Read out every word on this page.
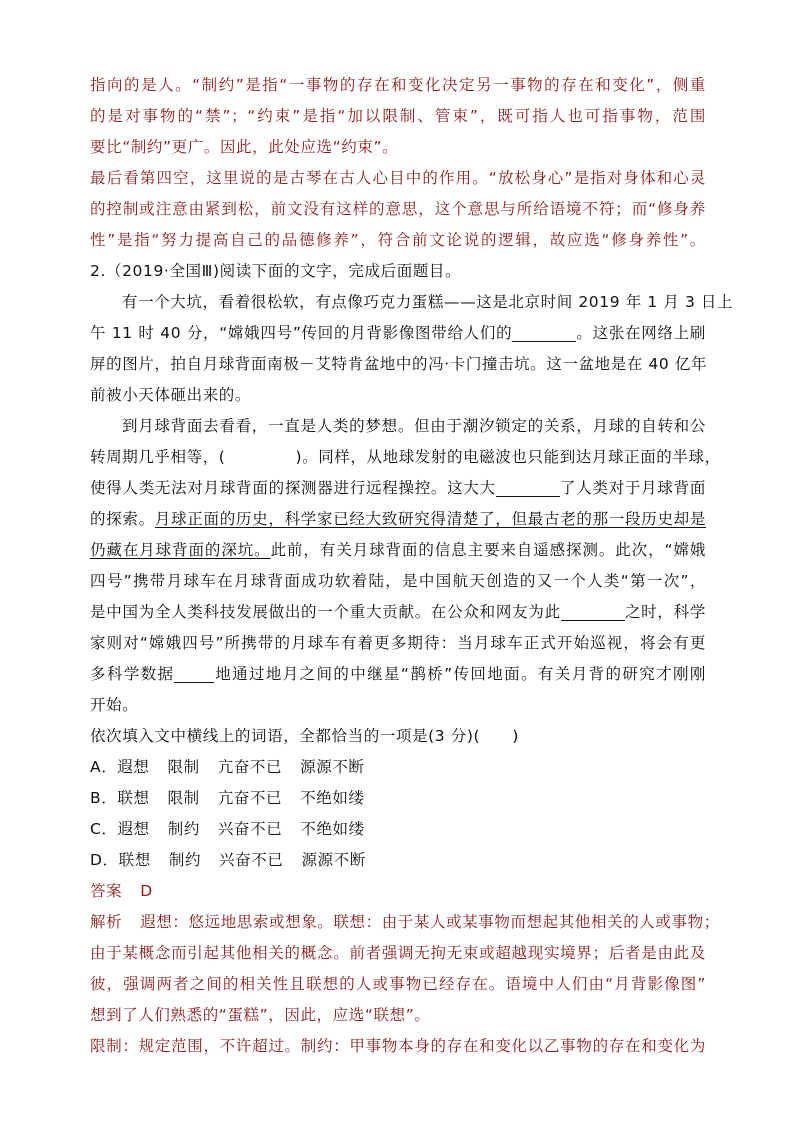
指向的是人。“制约”是指“一事物的存在和变化决定另一事物的存在和变化”，侧重
的是对事物的“禁”；“约束”是指“加以限制、管束”，既可指人也可指事物，范围
要比“制约”更广。因此，此处应选“约束”。
最后看第四空，这里说的是古琴在古人心目中的作用。“放松身心”是指对身体和心灵
的控制或注意由紧到松，前文没有这样的意思，这个意思与所给语境不符；而“修身养
性”是指“努力提高自己的品德修养”，符合前文论说的逻辑，故应选“修身养性”。
2.（2019·全国Ⅲ)阅读下面的文字，完成后面题目。
有一个大坑，看着很松软，有点像巧克力蛋糕——这是北京时间 2019 年 1 月 3 日上
午 11 时 40 分，“嫦娥四号”传回的月背影像图带给人们的	。这张在网络上刷
屏的图片，拍自月球背面南极－艾特肯盆地中的冯·卡门撞击坑。这一盆地是在 40 亿年
前被小天体砸出来的。
到月球背面去看看，一直是人类的梦想。但由于潮汐锁定的关系，月球的自转和公
转周期几乎相等，(	)。同样，从地球发射的电磁波也只能到达月球正面的半球，
使得人类无法对月球背面的探测器进行远程操控。这大大	了人类对于月球背面
的探索。月球正面的历史，科学家已经大致研究得清楚了，但最古老的那一段历史却是
仍藏在月球背面的深坑。此前，有关月球背面的信息主要来自遥感探测。此次，“嫦娥
四号”携带月球车在月球背面成功软着陆，是中国航天创造的又一个人类“第一次”，
是中国为全人类科技发展做出的一个重大贡献。在公众和网友为此	之时，科学
家则对“嫦娥四号”所携带的月球车有着更多期待：当月球车正式开始巡视，将会有更
多科学数据	地通过地月之间的中继星“鹊桥”传回地面。有关月背的研究才刚刚
开始。
依次填入文中横线上的词语，全都恰当的一项是(3 分)(　　)
A．遐想 限制 亢奋不已 源源不断
B．联想 限制 亢奋不已 不绝如缕
C．遐想 制约 兴奋不已 不绝如缕
D．联想 制约 兴奋不已 源源不断
答案 D
解析 遐想：悠远地思索或想象。联想：由于某人或某事物而想起其他相关的人或事物；
由于某概念而引起其他相关的概念。前者强调无拘无束或超越现实境界；后者是由此及
彼，强调两者之间的相关性且联想的人或事物已经存在。语境中人们由“月背影像图”
想到了人们熟悉的“蛋糕”，因此，应选“联想”。
限制：规定范围，不许超过。制约：甲事物本身的存在和变化以乙事物的存在和变化为
